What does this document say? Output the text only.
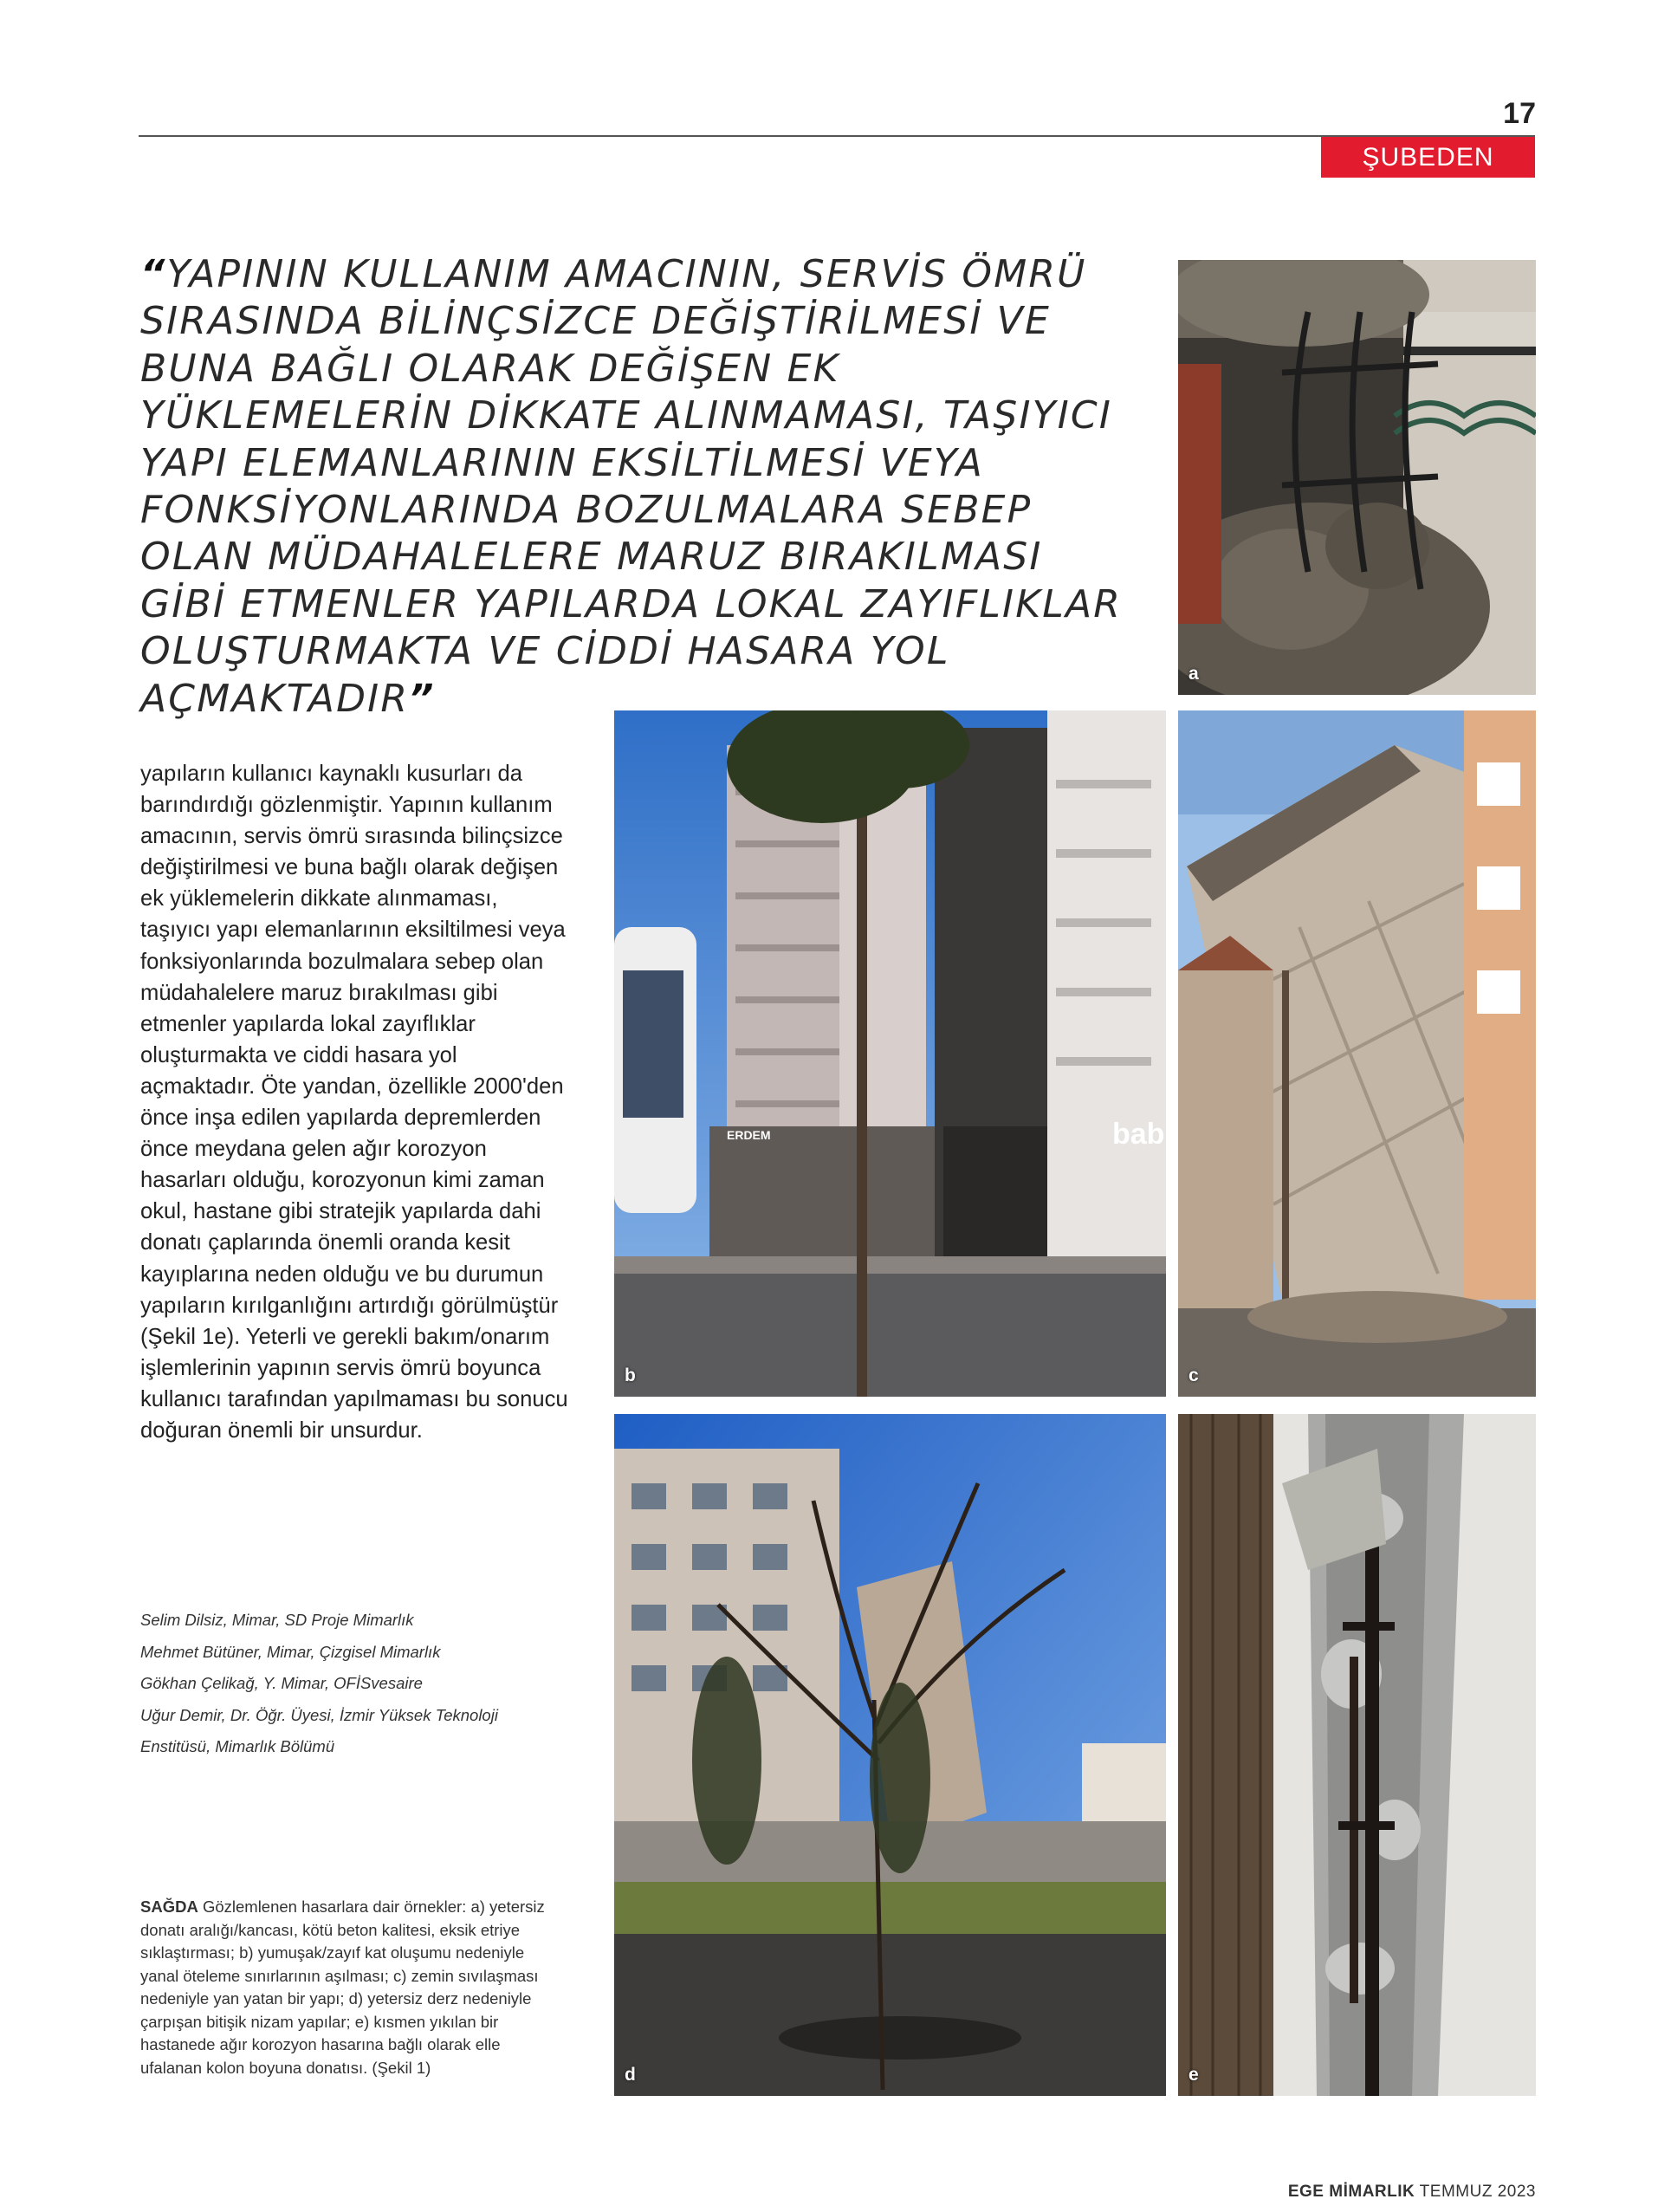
17
ŞUBEDEN
“YAPININ KULLANIM AMACININ, SERVİS ÖMRÜ SIRASINDA BİLİNÇSİZCE DEĞİŞTİRİLMESİ VE BUNA BAĞLI OLARAK DEĞİŞEN EK YÜKLEMELERİN DİKKATE ALINMAMASI, TAŞIYICI YAPI ELEMANLARININ EKSİLTİLMESİ VEYA FONKSİYONLARINDA BOZULMALARA SEBEP OLAN MÜDAHALELERE MARUZ BIRAKILMASI GİBİ ETMENLER YAPILARDA LOKAL ZAYIFLIKLAR OLUŞTURMAKTA VE CİDDİ HASARA YOL AÇMAKTADIR”
yapıların kullanıcı kaynaklı kusurları da barındırdığı gözlenmiştir. Yapının kullanım amacının, servis ömrü sırasında bilinçsizce değiştirilmesi ve buna bağlı olarak değişen ek yüklemelerin dikkate alınmaması, taşıyıcı yapı elemanlarının eksiltilmesi veya fonksiyonlarında bozulmalara sebep olan müdahalelere maruz bırakılması gibi etmenler yapılarda lokal zayıflıklar oluşturmakta ve ciddi hasara yol açmaktadır. Öte yandan, özellikle 2000'den önce inşa edilen yapılarda depremlerden önce meydana gelen ağır korozyon hasarları olduğu, korozyonun kimi zaman okul, hastane gibi stratejik yapılarda dahi donatı çaplarında önemli oranda kesit kayıplarına neden olduğu ve bu durumun yapıların kırılganlığını artırdığı görülmüştür (Şekil 1e). Yeterli ve gerekli bakım/onarım işlemlerinin yapının servis ömrü boyunca kullanıcı tarafından yapılmaması bu sonucu doğuran önemli bir unsurdur.
Selim Dilsiz, Mimar, SD Proje Mimarlık
Mehmet Bütüner, Mimar, Çizgisel Mimarlık
Gökhan Çelikağ, Y. Mimar, OFİSvesaire
Uğur Demir, Dr. Öğr. Üyesi, İzmir Yüksek Teknoloji
Enstitüsü, Mimarlık Bölümü
SAĞDA Gözlemlenen hasarlara dair örnekler: a) yetersiz donatı aralığı/kancası, kötü beton kalitesi, eksik etriye sıklaştırması; b) yumuşak/zayıf kat oluşumu nedeniyle yanal öteleme sınırlarının aşılması; c) zemin sıvılaşması nedeniyle yan yatan bir yapı; d) yetersiz derz nedeniyle çarpışan bitişik nizam yapılar; e) kısmen yıkılan bir hastanede ağır korozyon hasarına bağlı olarak elle ufalanan kolon boyuna donatısı. (Şekil 1)
a
ERDEM	bab
b	c
d	e
EGE MİMARLIK TEMMUZ 2023
